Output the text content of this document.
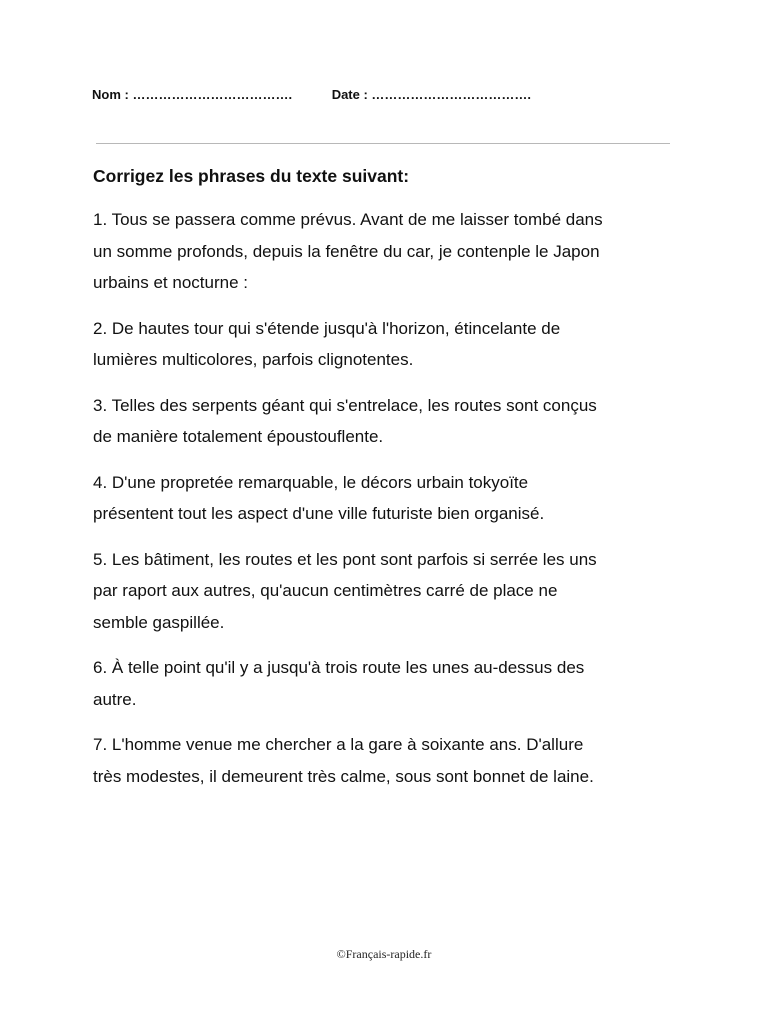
Nom : ……………………………….	Date : ……………………………….

Corrigez les phrases du texte suivant:

1. Tous se passera comme prévus. Avant de me laisser tombé dans
un somme profonds, depuis la fenêtre du car, je contenple le Japon
urbains et nocturne :
2. De hautes tour qui s'étende jusqu'à l'horizon, étincelante de
lumières multicolores, parfois clignotentes.
3. Telles des serpents géant qui s'entrelace, les routes sont conçus
de manière totalement époustouflente.
4. D'une propretée remarquable, le décors urbain tokyoïte
présentent tout les aspect d'une ville futuriste bien organisé.
5. Les bâtiment, les routes et les pont sont parfois si serrée les uns
par raport aux autres, qu'aucun centimètres carré de place ne
semble gaspillée.
6. À telle point qu'il y a jusqu'à trois route les unes au-dessus des
autre.
7. L'homme venue me chercher a la gare à soixante ans. D'allure
très modestes, il demeurent très calme, sous sont bonnet de laine.
©Français-rapide.fr
